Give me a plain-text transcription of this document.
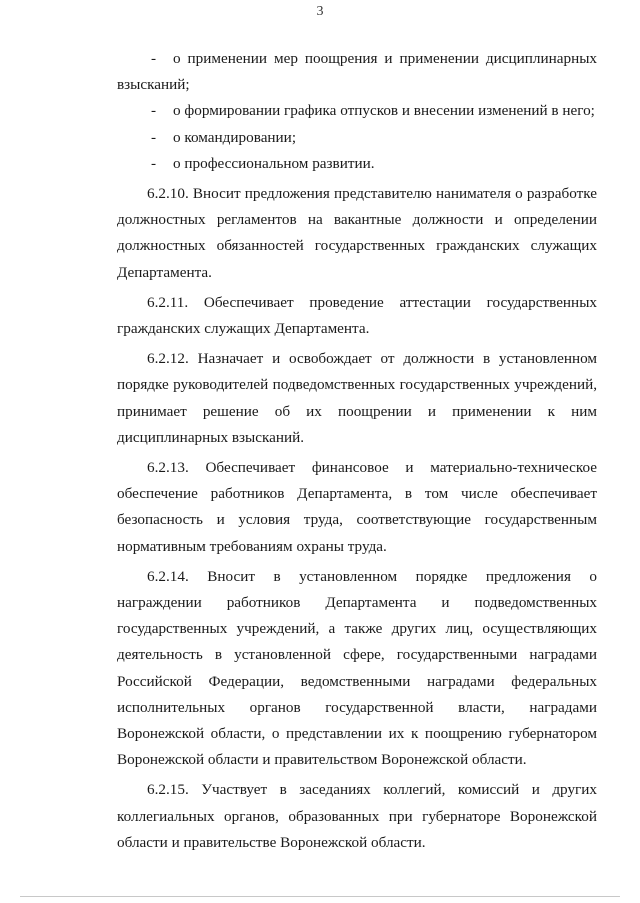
3

-	о применении мер поощрения и применении дисциплинарных взысканий;

-	о формировании графика отпусков и внесении изменений в него;

-	о командировании;

-	о профессиональном развитии.

6.2.10. Вносит предложения представителю нанимателя о разработке должностных регламентов на вакантные должности и определении должностных обязанностей государственных гражданских служащих Департамента.

6.2.11. Обеспечивает проведение аттестации государственных гражданских служащих Департамента.

6.2.12. Назначает и освобождает от должности в установленном порядке руководителей подведомственных государственных учреждений, принимает решение об их поощрении и применении к ним дисциплинарных взысканий.

6.2.13. Обеспечивает финансовое и материально-техническое обеспечение работников Департамента, в том числе обеспечивает безопасность и условия труда, соответствующие государственным нормативным требованиям охраны труда.

6.2.14. Вносит в установленном порядке предложения о награждении работников Департамента и подведомственных государственных учреждений, а также других лиц, осуществляющих деятельность в установленной сфере, государственными наградами Российской Федерации, ведомственными наградами федеральных исполнительных органов государственной власти, наградами Воронежской области, о представлении их к поощрению губернатором Воронежской области и правительством Воронежской области.

6.2.15. Участвует в заседаниях коллегий, комиссий и других коллегиальных органов, образованных при губернаторе Воронежской области и правительстве Воронежской области.
